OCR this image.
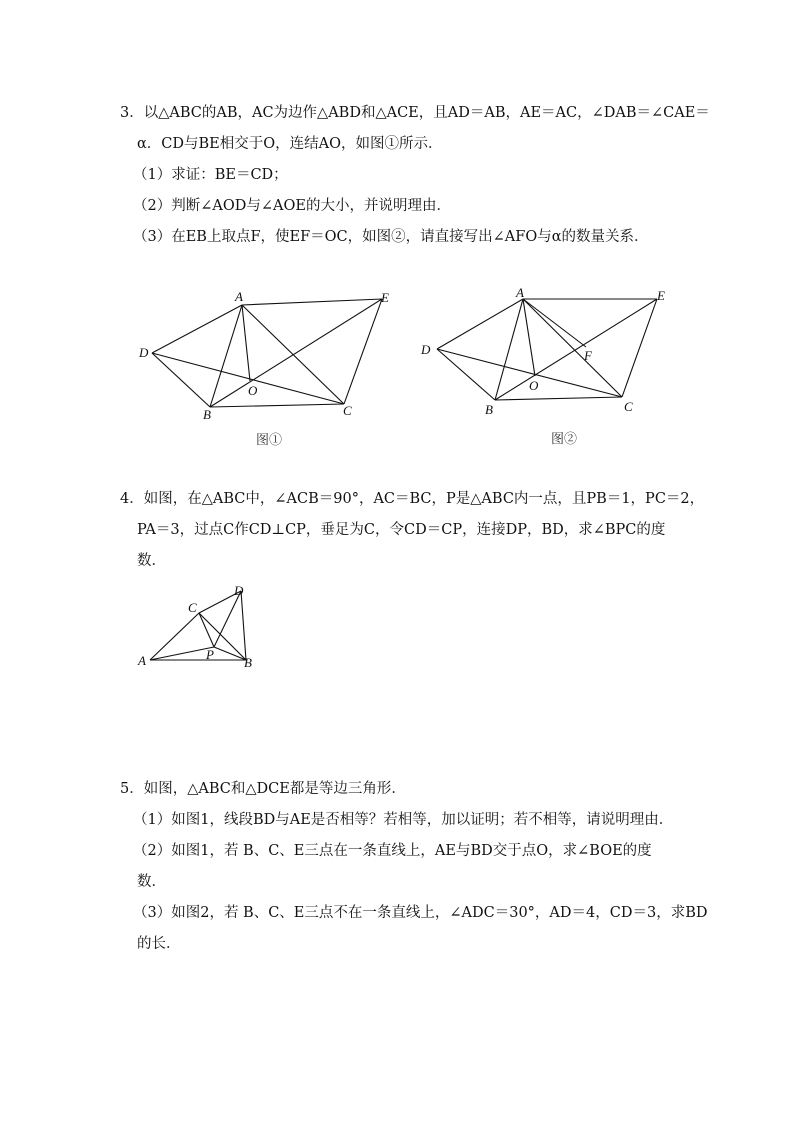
3．以△ABC的AB，AC为边作△ABD和△ACE，且AD＝AB，AE＝AC，∠DAB＝∠CAE＝
α．CD与BE相交于O，连结AO，如图①所示．
（1）求证：BE＝CD；
（2）判断∠AOD与∠AOE的大小，并说明理由．
（3）在EB上取点F，使EF＝OC，如图②，请直接写出∠AFO与α的数量关系．
A	E
D
O
B	C
图①
A	E
D	F
O
B	C
图②
4．如图，在△ABC中，∠ACB＝90°，AC＝BC，P是△ABC内一点，且PB＝1，PC＝2，
PA＝3，过点C作CD⊥CP，垂足为C，令CD＝CP，连接DP，BD，求∠BPC的度
数．
D
C
P
A	B
5．如图，△ABC和△DCE都是等边三角形．
（1）如图1，线段BD与AE是否相等？若相等，加以证明；若不相等，请说明理由．
（2）如图1，若 B、C、E三点在一条直线上，AE与BD交于点O，求∠BOE的度
数．
（3）如图2，若 B、C、E三点不在一条直线上，∠ADC＝30°，AD＝4，CD＝3，求BD
的长．
